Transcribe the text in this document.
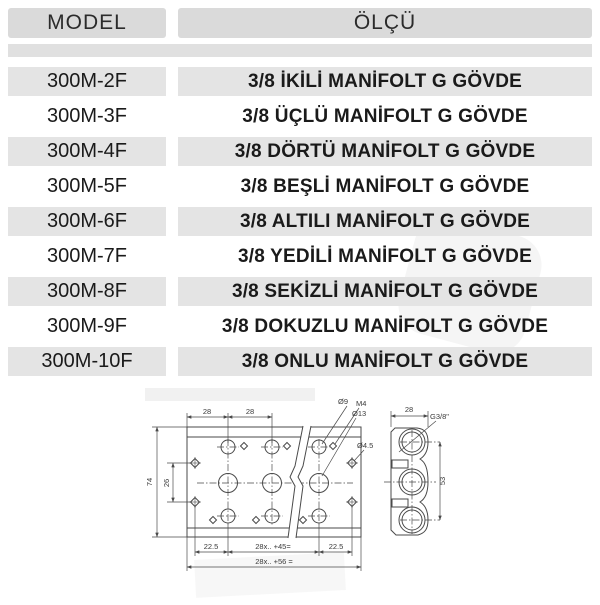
MODEL	ÖLÇÜ
300M-2F	3/8 İKİLİ MANİFOLT G GÖVDE
300M-3F	3/8 ÜÇLÜ MANİFOLT G GÖVDE
300M-4F	3/8 DÖRTÜ MANİFOLT G GÖVDE
300M-5F	3/8 BEŞLİ MANİFOLT G GÖVDE
300M-6F	3/8 ALTILI MANİFOLT G GÖVDE
300M-7F	3/8 YEDİLİ MANİFOLT G GÖVDE
300M-8F	3/8 SEKİZLİ MANİFOLT G GÖVDE
300M-9F	3/8 DOKUZLU MANİFOLT G GÖVDE
300M-10F	3/8 ONLU MANİFOLT G GÖVDE
28	28
74 26
Ø9 M4
Ø13
Ø4.5
22.5	28x.. +45=	22.5
28x.. +56 =
28
G3/8"
53
